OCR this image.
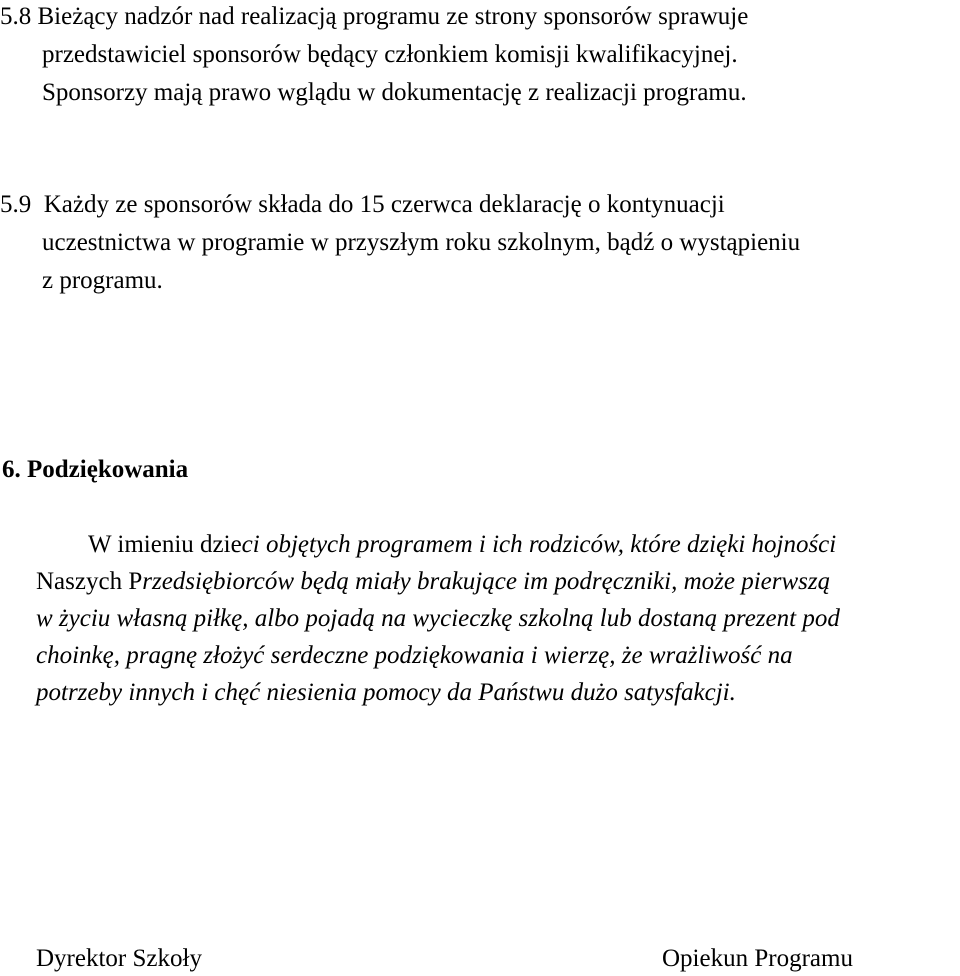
5.8 Bieżący nadzór nad realizacją programu ze strony sponsorów sprawuje
przedstawiciel sponsorów będący członkiem komisji kwalifikacyjnej.
Sponsorzy mają prawo wglądu w dokumentację z realizacji programu.
5.9 Każdy ze sponsorów składa do 15 czerwca deklarację o kontynuacji
uczestnictwa w programie w przyszłym roku szkolnym, bądź o wystąpieniu
z programu.
6. Podziękowania
W imieniu dzieci objętych programem i ich rodziców, które dzięki hojności
Naszych Przedsiębiorców będą miały brakujące im podręczniki, może pierwszą
w życiu własną piłkę, albo pojadą na wycieczkę szkolną lub dostaną prezent pod
choinkę, pragnę złożyć serdeczne podziękowania i wierzę, że wrażliwość na
potrzeby innych i chęć niesienia pomocy da Państwu dużo satysfakcji.
Dyrektor Szkoły	Opiekun Programu
